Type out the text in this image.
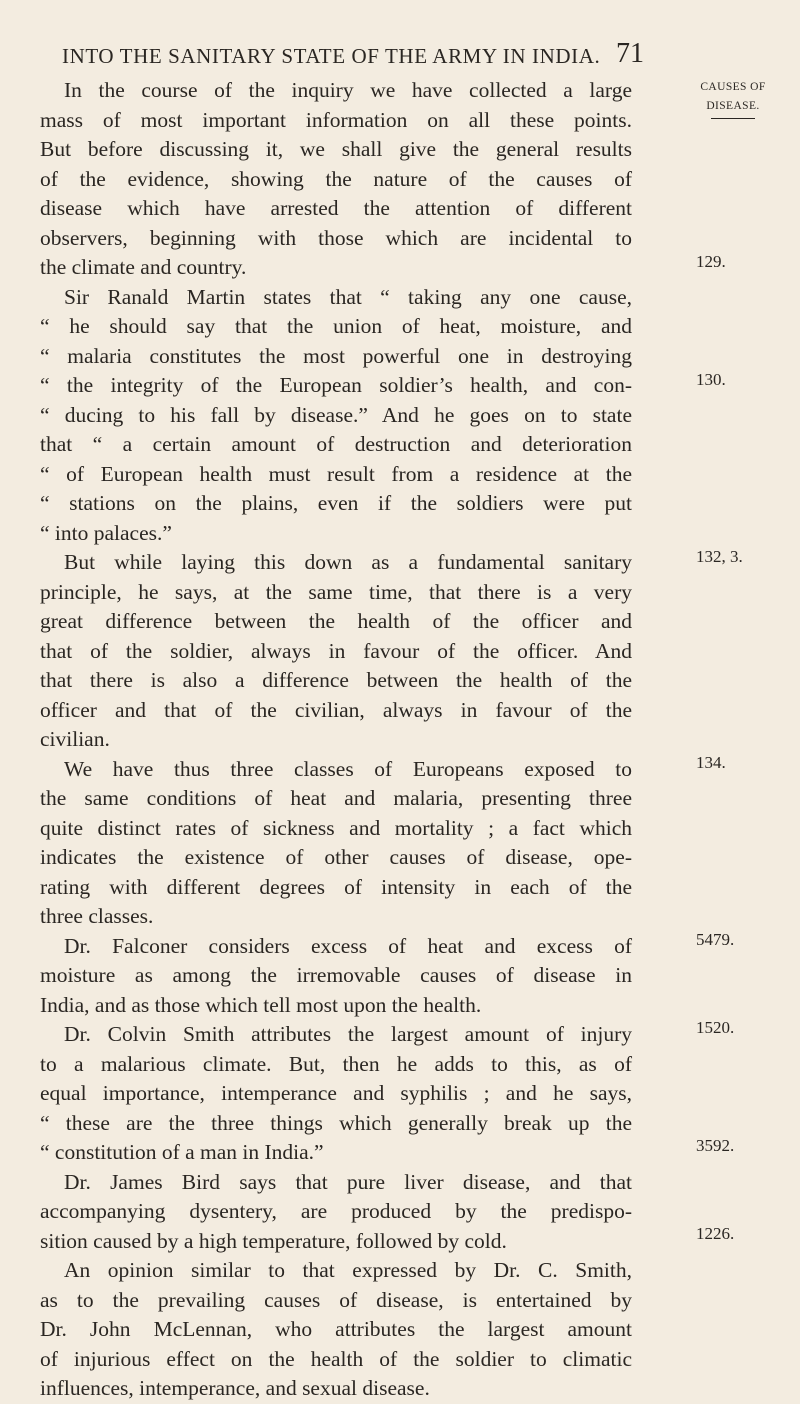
INTO THE SANITARY STATE OF THE ARMY IN INDIA. 71
CAUSES OF
DISEASE.
129.
130.
132, 3.
134.
5479.
1520.
3592.
1226.
In the course of the inquiry we have collected a large
mass of most important information on all these points.
But before discussing it, we shall give the general results
of the evidence, showing the nature of the causes of
disease which have arrested the attention of different
observers, beginning with those which are incidental to
the climate and country.
Sir Ranald Martin states that “ taking any one cause,
“ he should say that the union of heat, moisture, and
“ malaria constitutes the most powerful one in destroying
“ the integrity of the European soldier’s health, and con-
“ ducing to his fall by disease.” And he goes on to state
that “ a certain amount of destruction and deterioration
“ of European health must result from a residence at the
“ stations on the plains, even if the soldiers were put
“ into palaces.”
But while laying this down as a fundamental sanitary
principle, he says, at the same time, that there is a very
great difference between the health of the officer and
that of the soldier, always in favour of the officer. And
that there is also a difference between the health of the
officer and that of the civilian, always in favour of the
civilian.
We have thus three classes of Europeans exposed to
the same conditions of heat and malaria, presenting three
quite distinct rates of sickness and mortality ; a fact which
indicates the existence of other causes of disease, ope-
rating with different degrees of intensity in each of the
three classes.
Dr. Falconer considers excess of heat and excess of
moisture as among the irremovable causes of disease in
India, and as those which tell most upon the health.
Dr. Colvin Smith attributes the largest amount of injury
to a malarious climate. But, then he adds to this, as of
equal importance, intemperance and syphilis ; and he says,
“ these are the three things which generally break up the
“ constitution of a man in India.”
Dr. James Bird says that pure liver disease, and that
accompanying dysentery, are produced by the predispo-
sition caused by a high temperature, followed by cold.
An opinion similar to that expressed by Dr. C. Smith,
as to the prevailing causes of disease, is entertained by
Dr. John McLennan, who attributes the largest amount
of injurious effect on the health of the soldier to climatic
influences, intemperance, and sexual disease.
